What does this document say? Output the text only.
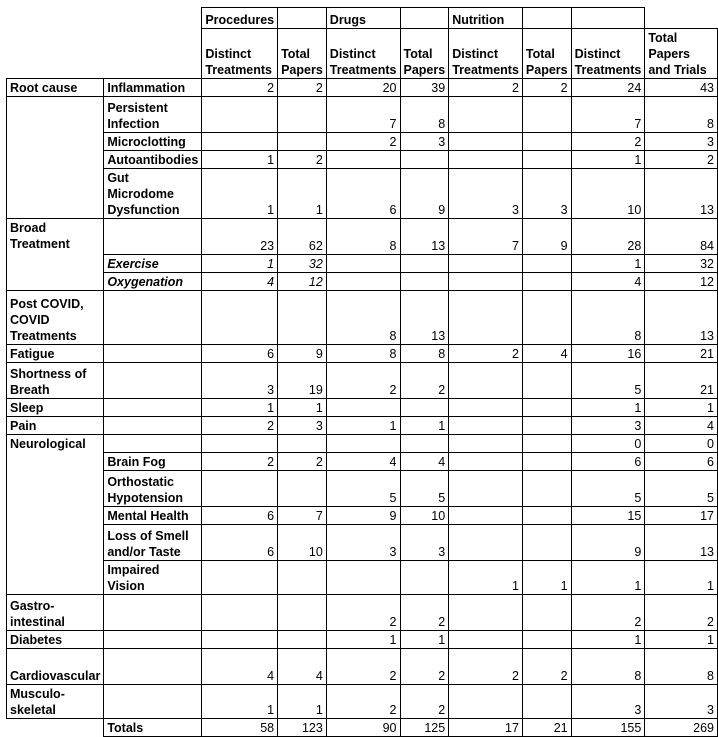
		Procedures		Drugs		Nutrition			
		Distinct Treatments	Total Papers	Distinct Treatments	Total Papers	Distinct Treatments	Total Papers	Distinct Treatments	Total Papers and Trials
Root cause	Inflammation	2	2	20	39	2	2	24	43
	Persistent Infection			7	8			7	8
	Microclotting			2	3			2	3
	Autoantibodies	1	2					1	2
	Gut Microdome Dysfunction	1	1	6	9	3	3	10	13
Broad Treatment		23	62	8	13	7	9	28	84
	Exercise	1	32					1	32
	Oxygenation	4	12					4	12
Post COVID, COVID Treatments				8	13			8	13
Fatigue		6	9	8	8	2	4	16	21
Shortness of Breath		3	19	2	2			5	21
Sleep		1	1					1	1
Pain		2	3	1	1			3	4
Neurological								0	0
	Brain Fog	2	2	4	4			6	6
	Orthostatic Hypotension			5	5			5	5
	Mental Health	6	7	9	10			15	17
	Loss of Smell and/or Taste	6	10	3	3			9	13
	Impaired Vision					1	1	1	1
Gastro- intestinal				2	2			2	2
Diabetes				1	1			1	1
Cardiovascular		4	4	2	2	2	2	8	8
Musculo- skeletal		1	1	2	2			3	3
	Totals	58	123	90	125	17	21	155	269
